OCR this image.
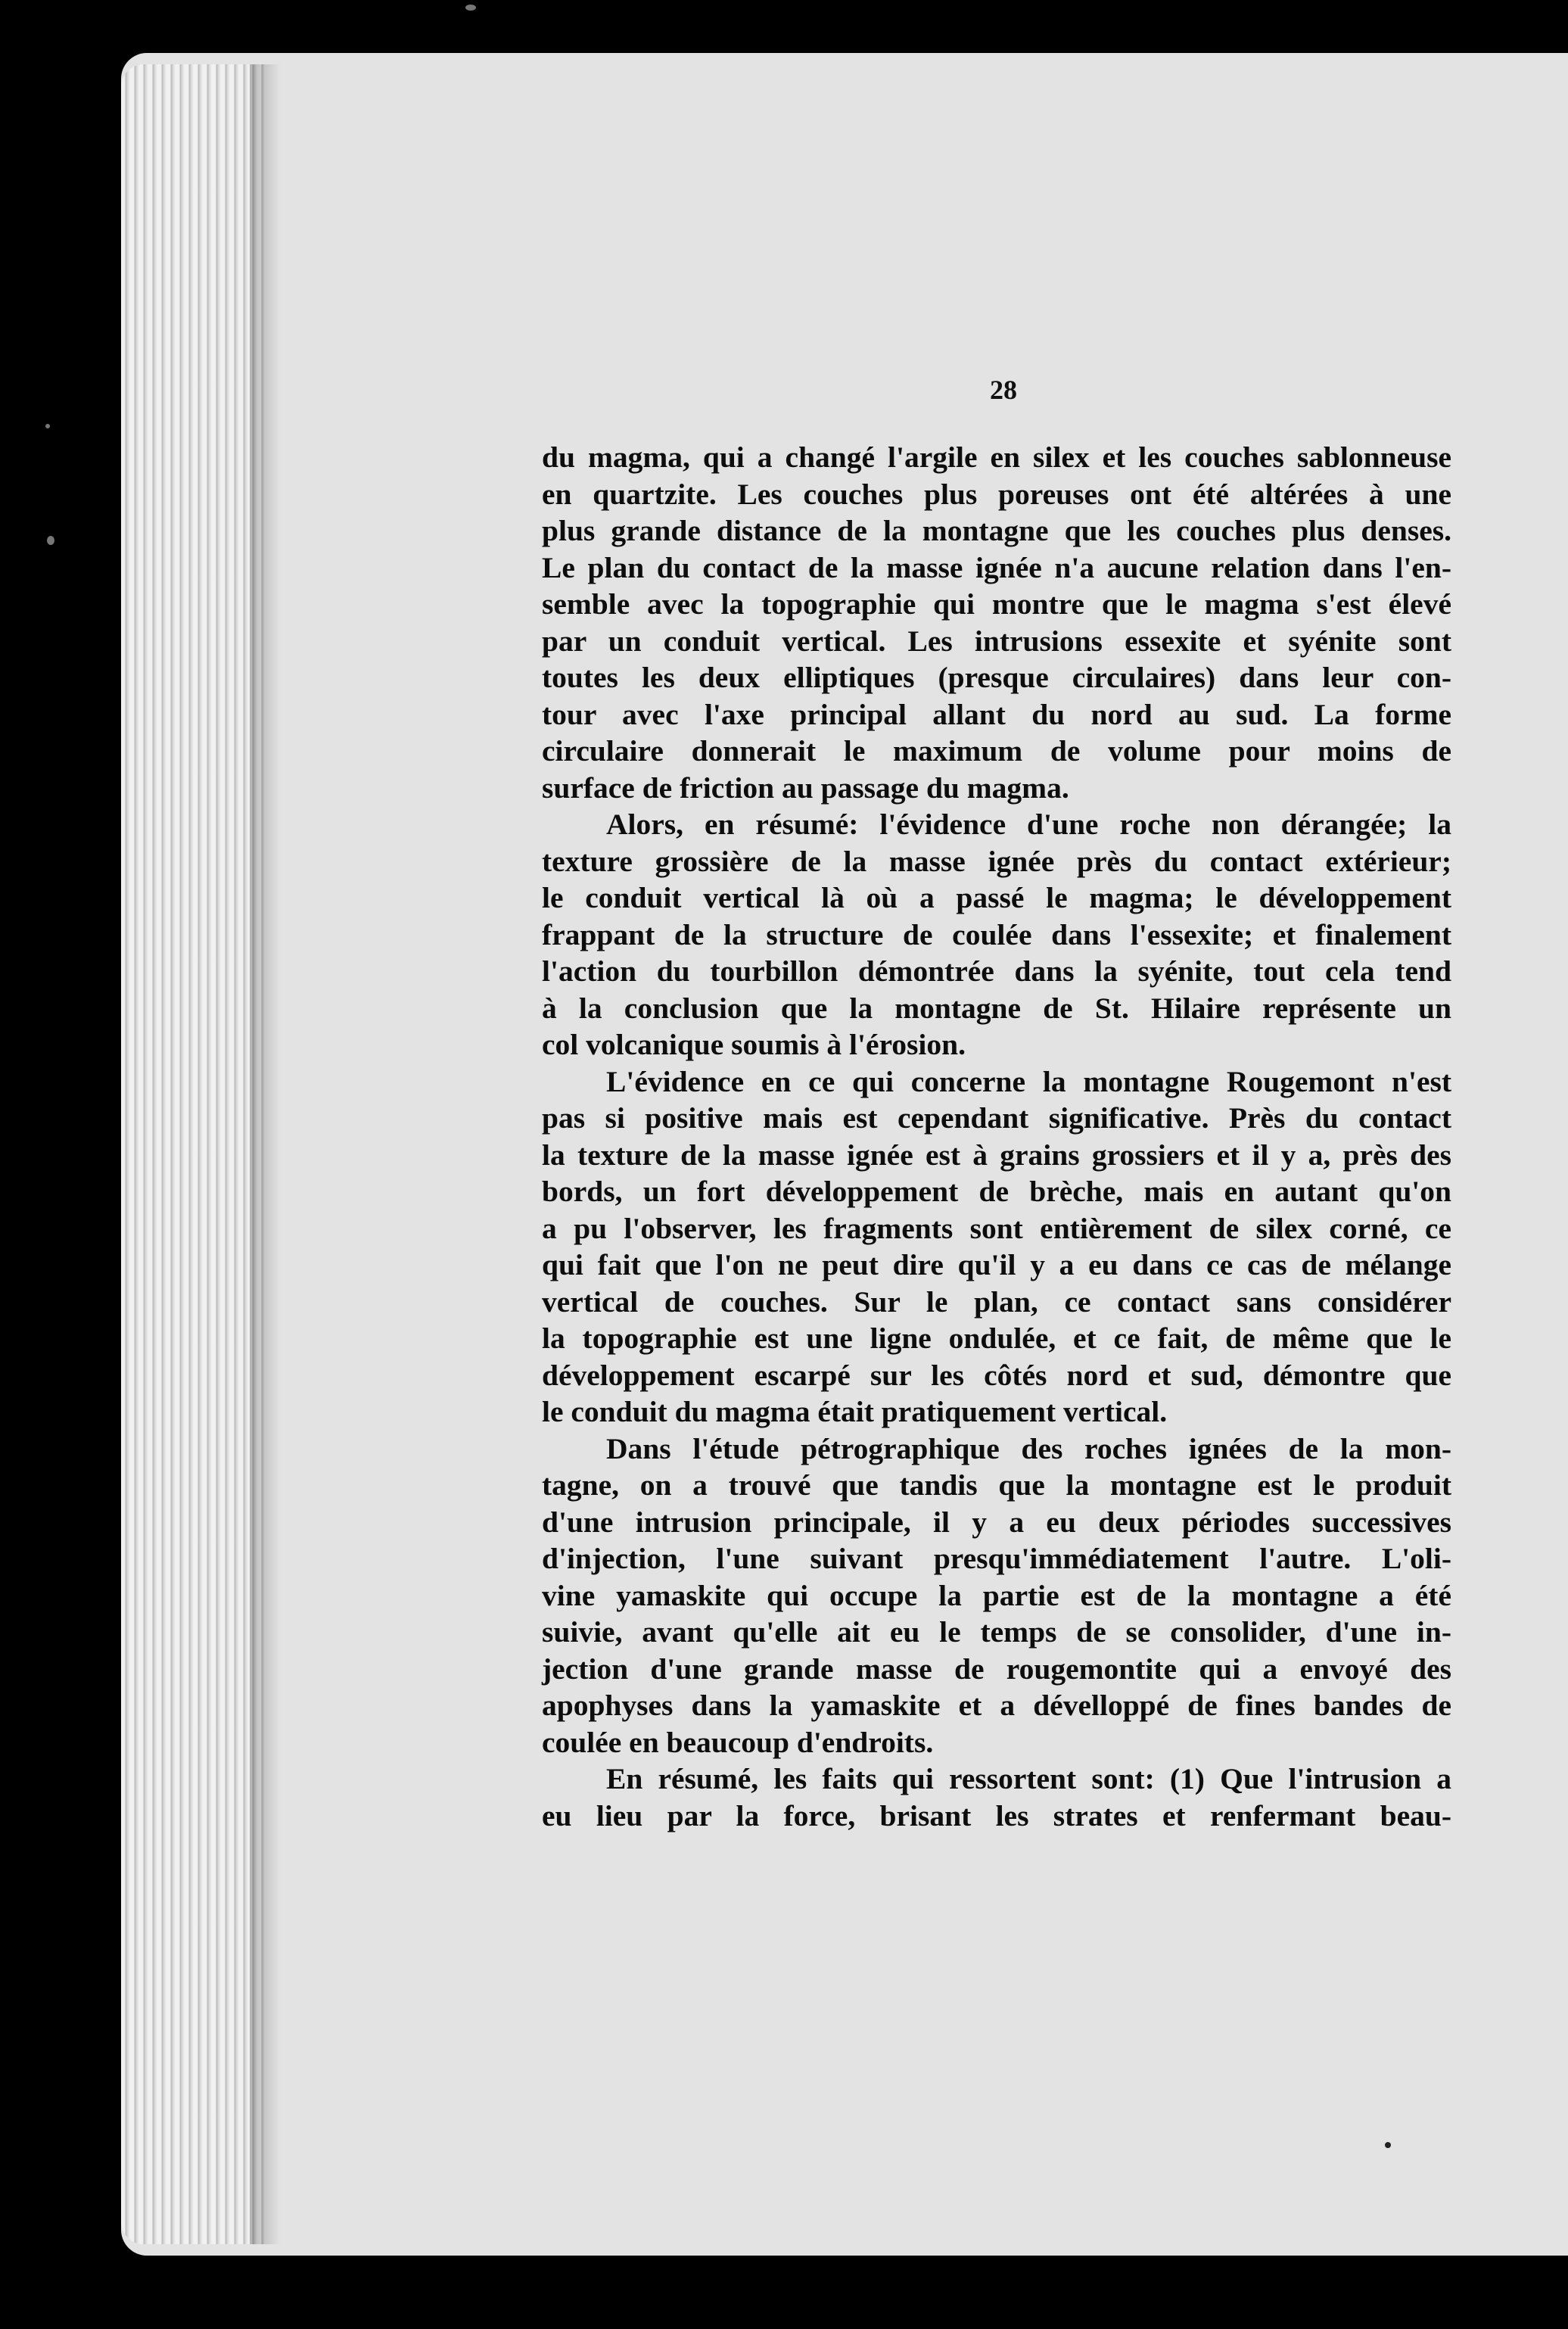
28
du magma, qui a changé l'argile en silex et les couches sablonneuse
en quartzite. Les couches plus poreuses ont été altérées à une
plus grande distance de la montagne que les couches plus denses.
Le plan du contact de la masse ignée n'a aucune relation dans l'en-
semble avec la topographie qui montre que le magma s'est élevé
par un conduit vertical. Les intrusions essexite et syénite sont
toutes les deux elliptiques (presque circulaires) dans leur con-
tour avec l'axe principal allant du nord au sud. La forme
circulaire donnerait le maximum de volume pour moins de
surface de friction au passage du magma.
Alors, en résumé: l'évidence d'une roche non dérangée; la
texture grossière de la masse ignée près du contact extérieur;
le conduit vertical là où a passé le magma; le développement
frappant de la structure de coulée dans l'essexite; et finalement
l'action du tourbillon démontrée dans la syénite, tout cela tend
à la conclusion que la montagne de St. Hilaire représente un
col volcanique soumis à l'érosion.
L'évidence en ce qui concerne la montagne Rougemont n'est
pas si positive mais est cependant significative. Près du contact
la texture de la masse ignée est à grains grossiers et il y a, près des
bords, un fort développement de brèche, mais en autant qu'on
a pu l'observer, les fragments sont entièrement de silex corné, ce
qui fait que l'on ne peut dire qu'il y a eu dans ce cas de mélange
vertical de couches. Sur le plan, ce contact sans considérer
la topographie est une ligne ondulée, et ce fait, de même que le
développement escarpé sur les côtés nord et sud, démontre que
le conduit du magma était pratiquement vertical.
Dans l'étude pétrographique des roches ignées de la mon-
tagne, on a trouvé que tandis que la montagne est le produit
d'une intrusion principale, il y a eu deux périodes successives
d'injection, l'une suivant presqu'immédiatement l'autre. L'oli-
vine yamaskite qui occupe la partie est de la montagne a été
suivie, avant qu'elle ait eu le temps de se consolider, d'une in-
jection d'une grande masse de rougemontite qui a envoyé des
apophyses dans la yamaskite et a dévelloppé de fines bandes de
coulée en beaucoup d'endroits.
En résumé, les faits qui ressortent sont: (1) Que l'intrusion a
eu lieu par la force, brisant les strates et renfermant beau-
